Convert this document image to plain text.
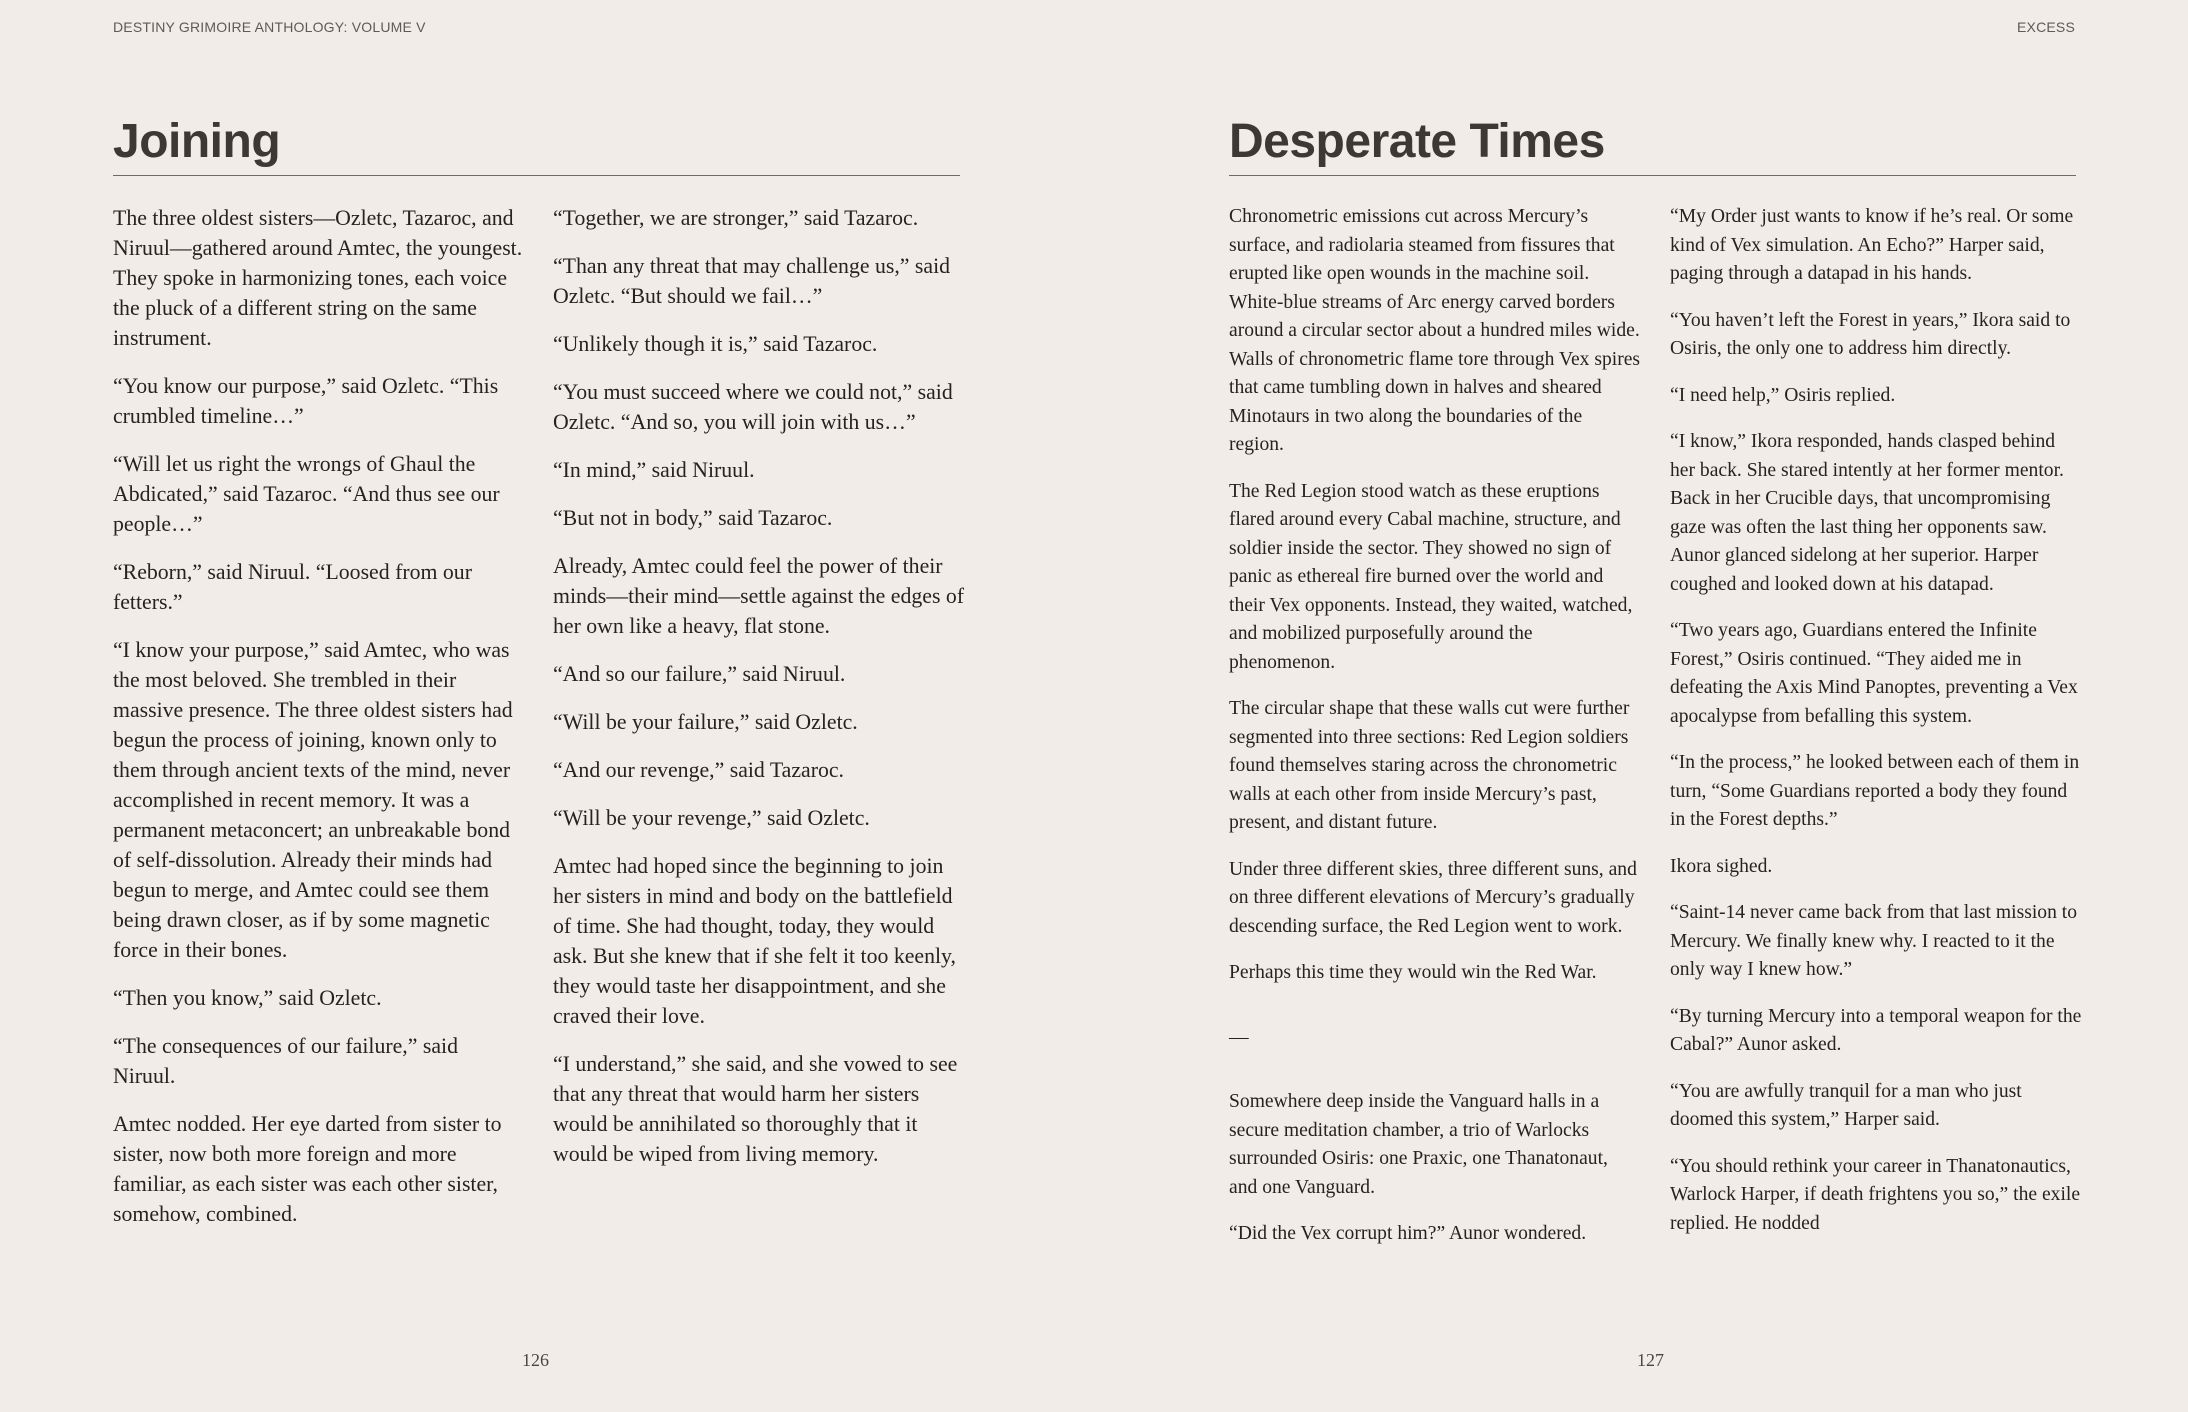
DESTINY GRIMOIRE ANTHOLOGY: VOLUME V
Joining

The three oldest sisters—Ozletc, Tazaroc, and Niruul—gathered around Amtec, the youngest. They spoke in harmonizing tones, each voice the pluck of a different string on the same instrument.

“You know our purpose,” said Ozletc. “This crumbled timeline…”

“Will let us right the wrongs of Ghaul the Abdicated,” said Tazaroc. “And thus see our people…”

“Reborn,” said Niruul. “Loosed from our fetters.”

“I know your purpose,” said Amtec, who was the most beloved. She trembled in their massive presence. The three oldest sisters had begun the process of joining, known only to them through ancient texts of the mind, never accomplished in recent memory. It was a permanent metaconcert; an unbreakable bond of self-dissolution. Already their minds had begun to merge, and Amtec could see them being drawn closer, as if by some magnetic force in their bones.

“Then you know,” said Ozletc.

“The consequences of our failure,” said Niruul.

Amtec nodded. Her eye darted from sister to sister, now both more foreign and more familiar, as each sister was each other sister, somehow, combined.

“Together, we are stronger,” said Tazaroc.

“Than any threat that may challenge us,” said Ozletc. “But should we fail…”

“Unlikely though it is,” said Tazaroc.

“You must succeed where we could not,” said Ozletc. “And so, you will join with us…”

“In mind,” said Niruul.

“But not in body,” said Tazaroc.

Already, Amtec could feel the power of their minds—their mind—settle against the edges of her own like a heavy, flat stone.

“And so our failure,” said Niruul.

“Will be your failure,” said Ozletc.

“And our revenge,” said Tazaroc.

“Will be your revenge,” said Ozletc.

Amtec had hoped since the beginning to join her sisters in mind and body on the battlefield of time. She had thought, today, they would ask. But she knew that if she felt it too keenly, they would taste her disappointment, and she craved their love.

“I understand,” she said, and she vowed to see that any threat that would harm her sisters would be annihilated so thoroughly that it would be wiped from living memory.

126
EXCESS
Desperate Times

Chronometric emissions cut across Mercury’s surface, and radiolaria steamed from fissures that erupted like open wounds in the machine soil. White-blue streams of Arc energy carved borders around a circular sector about a hundred miles wide. Walls of chronometric flame tore through Vex spires that came tumbling down in halves and sheared Minotaurs in two along the boundaries of the region.

The Red Legion stood watch as these eruptions flared around every Cabal machine, structure, and soldier inside the sector. They showed no sign of panic as ethereal fire burned over the world and their Vex opponents. Instead, they waited, watched, and mobilized purposefully around the phenomenon.

The circular shape that these walls cut were further segmented into three sections: Red Legion soldiers found themselves staring across the chronometric walls at each other from inside Mercury’s past, present, and distant future.

Under three different skies, three different suns, and on three different elevations of Mercury’s gradually descending surface, the Red Legion went to work.

Perhaps this time they would win the Red War.

—

Somewhere deep inside the Vanguard halls in a secure meditation chamber, a trio of Warlocks surrounded Osiris: one Praxic, one Thanatonaut, and one Vanguard.

“Did the Vex corrupt him?” Aunor wondered.

“My Order just wants to know if he’s real. Or some kind of Vex simulation. An Echo?” Harper said, paging through a datapad in his hands.

“You haven’t left the Forest in years,” Ikora said to Osiris, the only one to address him directly.

“I need help,” Osiris replied.

“I know,” Ikora responded, hands clasped behind her back. She stared intently at her former mentor. Back in her Crucible days, that uncompromising gaze was often the last thing her opponents saw. Aunor glanced sidelong at her superior. Harper coughed and looked down at his datapad.

“Two years ago, Guardians entered the Infinite Forest,” Osiris continued. “They aided me in defeating the Axis Mind Panoptes, preventing a Vex apocalypse from befalling this system.

“In the process,” he looked between each of them in turn, “Some Guardians reported a body they found in the Forest depths.”

Ikora sighed.

“Saint-14 never came back from that last mission to Mercury. We finally knew why. I reacted to it the only way I knew how.”

“By turning Mercury into a temporal weapon for the Cabal?” Aunor asked.

“You are awfully tranquil for a man who just doomed this system,” Harper said.

“You should rethink your career in Thanatonautics, Warlock Harper, if death frightens you so,” the exile replied. He nodded

127
